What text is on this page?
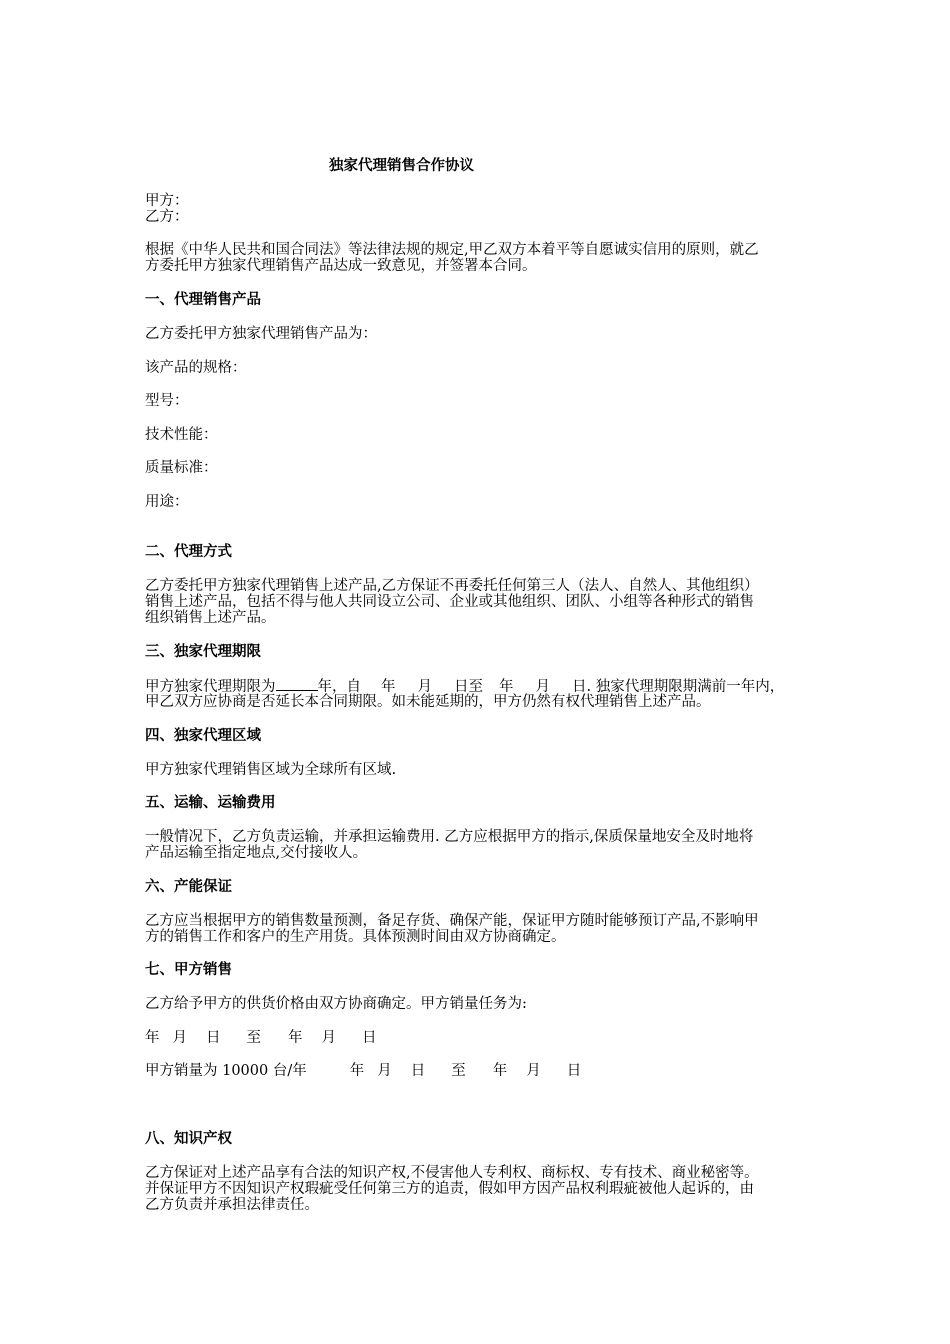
独家代理销售合作协议
甲方：
乙方：
根据《中华人民共和国合同法》等法律法规的规定,甲乙双方本着平等自愿诚实信用的原则，就乙
方委托甲方独家代理销售产品达成一致意见，并签署本合同。
一、代理销售产品
乙方委托甲方独家代理销售产品为：
该产品的规格：
型号：
技术性能：
质量标准：
用途：
二、代理方式
乙方委托甲方独家代理销售上述产品,乙方保证不再委托任何第三人（法人、自然人、其他组织）
销售上述产品，包括不得与他人共同设立公司、企业或其他组织、团队、小组等各种形式的销售
组织销售上述产品。
三、独家代理期限
甲方独家代理期限为	年，自 年 月 日至 年 月 日. 独家代理期限期满前一年内，
甲乙双方应协商是否延长本合同期限。如未能延期的，甲方仍然有权代理销售上述产品。
四、独家代理区域
甲方独家代理销售区域为全球所有区域.
五、运输、运输费用
一般情况下，乙方负责运输，并承担运输费用. 乙方应根据甲方的指示,保质保量地安全及时地将
产品运输至指定地点,交付接收人。
六、产能保证
乙方应当根据甲方的销售数量预测，备足存货、确保产能，保证甲方随时能够预订产品,不影响甲
方的销售工作和客户的生产用货。具体预测时间由双方协商确定。
七、甲方销售
乙方给予甲方的供货价格由双方协商确定。甲方销量任务为:
年 月 日 至 年 月 日
甲方销量为 10000 台/年	年 月 日 至 年 月 日
八、知识产权
乙方保证对上述产品享有合法的知识产权,不侵害他人专利权、商标权、专有技术、商业秘密等。
并保证甲方不因知识产权瑕疵受任何第三方的追责，假如甲方因产品权利瑕疵被他人起诉的，由
乙方负责并承担法律责任。
